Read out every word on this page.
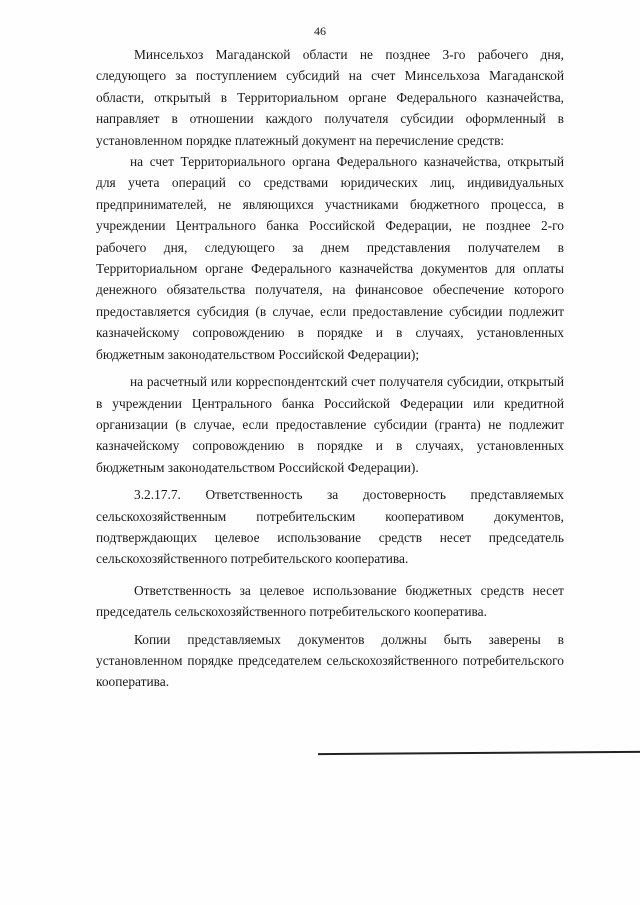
46

Минсельхоз Магаданской области не позднее 3-го рабочего дня, следующего за поступлением субсидий на счет Минсельхоза Магаданской области, открытый в Территориальном органе Федерального казначейства, направляет в отношении каждого получателя субсидии оформленный в установленном порядке платежный документ на перечисление средств:

на счет Территориального органа Федерального казначейства, открытый для учета операций со средствами юридических лиц, индивидуальных предпринимателей, не являющихся участниками бюджетного процесса, в учреждении Центрального банка Российской Федерации, не позднее 2-го рабочего дня, следующего за днем представления получателем в Территориальном органе Федерального казначейства документов для оплаты денежного обязательства получателя, на финансовое обеспечение которого предоставляется субсидия (в случае, если предоставление субсидии подлежит казначейскому сопровождению в порядке и в случаях, установленных бюджетным законодательством Российской Федерации);

на расчетный или корреспондентский счет получателя субсидии, открытый в учреждении Центрального банка Российской Федерации или кредитной организации (в случае, если предоставление субсидии (гранта) не подлежит казначейскому сопровождению в порядке и в случаях, установленных бюджетным законодательством Российской Федерации).

3.2.17.7. Ответственность за достоверность представляемых сельскохозяйственным потребительским кооперативом документов, подтверждающих целевое использование средств несет председатель сельскохозяйственного потребительского кооператива.

Ответственность за целевое использование бюджетных средств несет председатель сельскохозяйственного потребительского кооператива.

Копии представляемых документов должны быть заверены в установленном порядке председателем сельскохозяйственного потребительского кооператива.
